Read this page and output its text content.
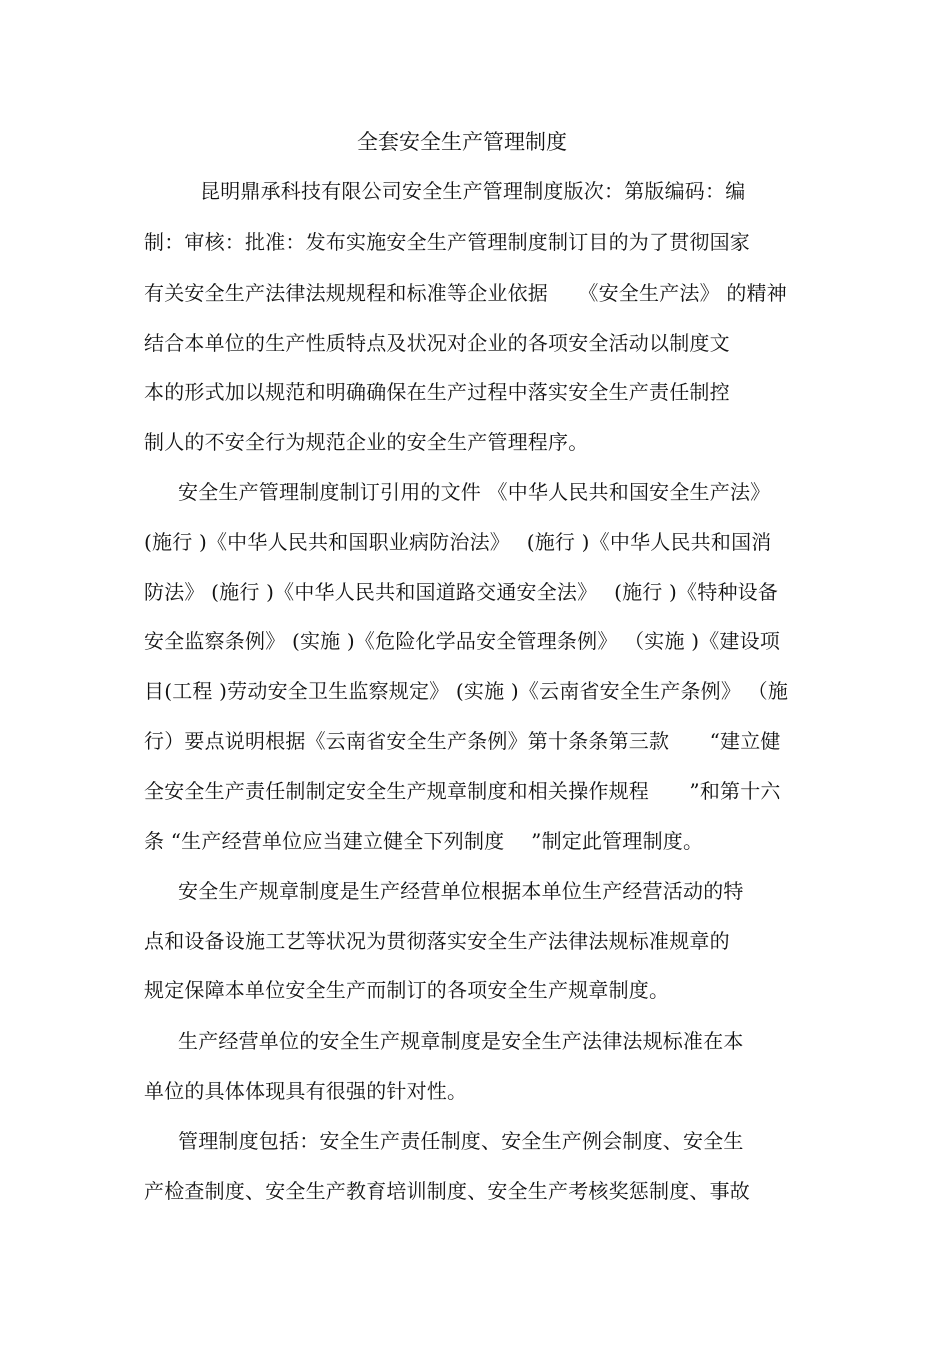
全套安全生产管理制度
昆明鼎承科技有限公司安全生产管理制度版次：第版编码：编
制：审核：批准：发布实施安全生产管理制度制订目的为了贯彻国家
有关安全生产法律法规规程和标准等企业依据　　《安全生产法》 的精神
结合本单位的生产性质特点及状况对企业的各项安全活动以制度文
本的形式加以规范和明确确保在生产过程中落实安全生产责任制控
制人的不安全行为规范企业的安全生产管理程序。
安全生产管理制度制订引用的文件 《中华人民共和国安全生产法》
(施行 )《中华人民共和国职业病防治法》　 (施行 )《中华人民共和国消
防法》 (施行 )《中华人民共和国道路交通安全法》　 (施行 )《特种设备
安全监察条例》 (实施 )《危险化学品安全管理条例》 （实施 )《建设项
目(工程 )劳动安全卫生监察规定》 (实施 )《云南省安全生产条例》 （施
行）要点说明根据《云南省安全生产条例》第十条条第三款　　“建立健
全安全生产责任制制定安全生产规章制度和相关操作规程　　”和第十六
条 “生产经营单位应当建立健全下列制度　 ”制定此管理制度。
安全生产规章制度是生产经营单位根据本单位生产经营活动的特
点和设备设施工艺等状况为贯彻落实安全生产法律法规标准规章的
规定保障本单位安全生产而制订的各项安全生产规章制度。
生产经营单位的安全生产规章制度是安全生产法律法规标准在本
单位的具体体现具有很强的针对性。
管理制度包括：安全生产责任制度、安全生产例会制度、安全生
产检查制度、安全生产教育培训制度、安全生产考核奖惩制度、事故
